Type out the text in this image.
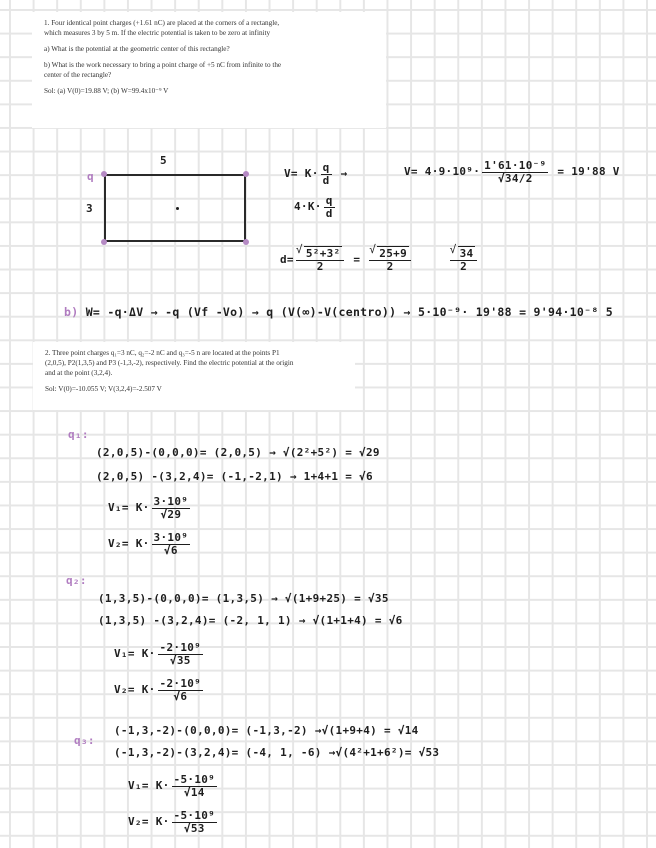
1. Four identical point charges (+1.61 nC) are placed at the corners of a rectangle,

which measures 3 by 5 m. If the electric potential is taken to be zero at infinity

a) What is the potential at the geometric center of this rectangle?

b) What is the work necessary to bring a point charge of +5 nC from infinite to the

center of the rectangle?

Sol: (a) V(0)=19.88 V; (b) W=99.4x10⁻⁹ V

5
3
q	$V= K\cdot \frac{q}{d}$ →
$4\cdot K\cdot \frac{q}{d}$
$V= 4\cdot 9\cdot 10^9\cdot \frac{\text{1'61·10⁻⁹}}{√34/2} = 19'88$ V
d= √ $\frac{\text{5²+3²}}{2}$ = √ $\frac{25+9}{2}$
	√ $\frac{34}{2}$
b) W= -q·ΔV → -q (Vf -Vo) → q (V(∞)-V(centro)) → 5·10⁻⁹· 19'88 = 9'94·10⁻⁸ 5

2. Three point charges q₁=3 nC, q₂=-2 nC and q₃=-5 n are located at the points P1

(2,0,5), P2(1,3,5) and P3 (-1,3,-2), respectively. Find the electric potential at the origin

and at the point (3,2,4).

Sol: V(0)=-10.055 V; V(3,2,4)=-2.507 V

q₁:
(2,0,5)-(0,0,0)= (2,0,5) → √(2²+5²) = √29
(2,0,5) -(3,2,4)= (-1,-2,1) → 1+4+1 = √6
$V_1= K\cdot \frac{\text{3·10⁹}}{√29}$
$V_2= K\cdot \frac{\text{3·10⁹}}{√6}$
q₂:
(1,3,5)-(0,0,0)= (1,3,5) → √(1+9+25) = √35
(1,3,5) -(3,2,4)= (-2, 1, 1) → √(1+1+4) = √6
$V_1= K\cdot \frac{\text{-2·10⁹}}{√35}$
$V_2= K\cdot \frac{\text{-2·10⁹}}{√6}$
q₃:
(-1,3,-2)-(0,0,0)= (-1,3,-2) →√(1+9+4) = √14
(-1,3,-2)-(3,2,4)= (-4, 1, -6) →√(4²+1+6²)= √53
$V_1= K\cdot \frac{\text{-5·10⁹}}{√14}$
$V_2= K\cdot \frac{\text{-5·10⁹}}{√53}$
